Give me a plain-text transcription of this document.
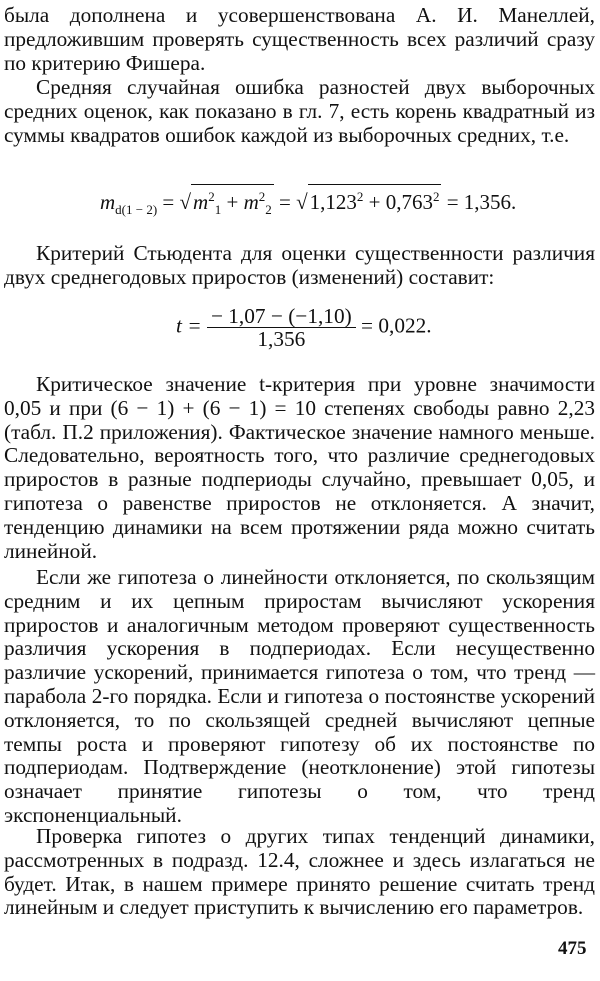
была дополнена и усовершенствована А. И. Манеллей, предложившим проверять существенность всех различий сразу по критерию Фишера.

Средняя случайная ошибка разностей двух выборочных средних оценок, как показано в гл. 7, есть корень квадратный из суммы квадратов ошибок каждой из выборочных средних, т.е.

$m_{d(1 - 2)} = √m^2_1 + m^2_2 = √1,123^2 + 0,763^2 = 1,356$.

Критерий Стьюдента для оценки существенности различия двух среднегодовых приростов (изменений) составит:

$t = \frac{- 1,07 - (-1,10)}{1,356} = 0,022$.

Критическое значение t-критерия при уровне значимости 0,05 и при (6 − 1) + (6 − 1) = 10 степенях свободы равно 2,23 (табл. П.2 приложения). Фактическое значение намного меньше. Следовательно, вероятность того, что различие среднегодовых приростов в разные подпериоды случайно, превышает 0,05, и гипотеза о равенстве приростов не отклоняется. А значит, тенденцию динамики на всем протяжении ряда можно считать линейной.

Если же гипотеза о линейности отклоняется, по скользящим средним и их цепным приростам вычисляют ускорения приростов и аналогичным методом проверяют существенность различия ускорения в подпериодах. Если несущественно различие ускорений, принимается гипотеза о том, что тренд — парабола 2-го порядка. Если и гипотеза о постоянстве ускорений отклоняется, то по скользящей средней вычисляют цепные темпы роста и проверяют гипотезу об их постоянстве по подпериодам. Подтверждение (неотклонение) этой гипотезы означает принятие гипотезы о том, что тренд экспоненциальный.

Проверка гипотез о других типах тенденций динамики, рассмотренных в подразд. 12.4, сложнее и здесь излагаться не будет. Итак, в нашем примере принято решение считать тренд линейным и следует приступить к вычислению его параметров.

475
